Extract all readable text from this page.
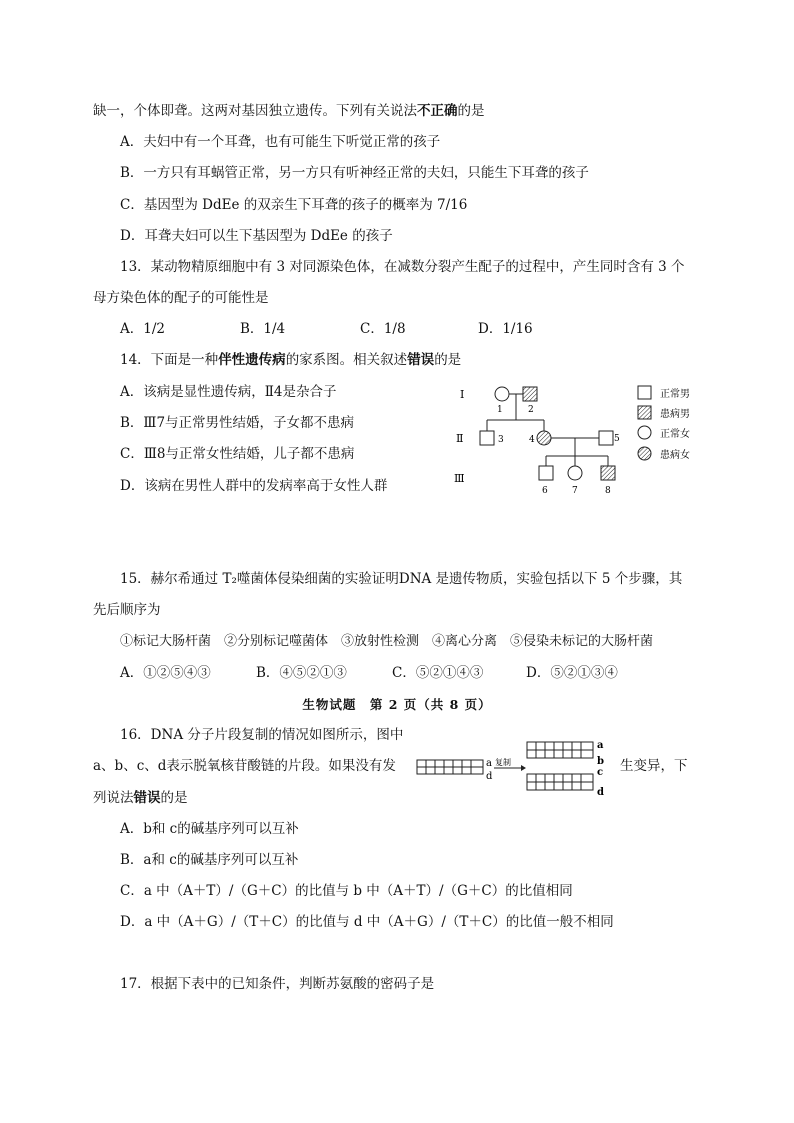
缺一，个体即聋。这两对基因独立遗传。下列有关说法不正确的是
A．夫妇中有一个耳聋，也有可能生下听觉正常的孩子
B．一方只有耳蜗管正常，另一方只有听神经正常的夫妇，只能生下耳聋的孩子
C．基因型为 DdEe 的双亲生下耳聋的孩子的概率为 7/16
D．耳聋夫妇可以生下基因型为 DdEe 的孩子
13．某动物精原细胞中有 3 对同源染色体，在减数分裂产生配子的过程中，产生同时含有 3 个
母方染色体的配子的可能性是
A．1/2	B．1/4	C．1/8	D．1/16
14．下面是一种伴性遗传病的家系图。相关叙述错误的是
A．该病是显性遗传病，Ⅱ4是杂合子
B．Ⅲ7与正常男性结婚，子女都不患病
C．Ⅲ8与正常女性结婚，儿子都不患病
D．该病在男性人群中的发病率高于女性人群
Ⅰ
Ⅱ
Ⅲ
1	2
3	4	5
6	7	8
正常男
患病男
正常女
患病女
15．赫尔希通过 T₂噬菌体侵染细菌的实验证明DNA 是遗传物质，实验包括以下 5 个步骤，其
先后顺序为
①标记大肠杆菌　②分别标记噬菌体　③放射性检测　④离心分离　⑤侵染未标记的大肠杆菌
A．①②⑤④③	B．④⑤②①③	C．⑤②①④③	D．⑤②①③④
生物试题　第 2 页（共 8 页）
16．DNA 分子片段复制的情况如图所示，图中
a、b、c、d表示脱氧核苷酸链的片段。如果没有发	生变异，下
列说法错误的是
a
d
复制
a
b
c
d
A．b和 c的碱基序列可以互补
B．a和 c的碱基序列可以互补
C．a 中（A＋T）/（G＋C）的比值与 b 中（A＋T）/（G＋C）的比值相同
D．a 中（A＋G）/（T＋C）的比值与 d 中（A＋G）/（T＋C）的比值一般不相同
17．根据下表中的已知条件，判断苏氨酸的密码子是
